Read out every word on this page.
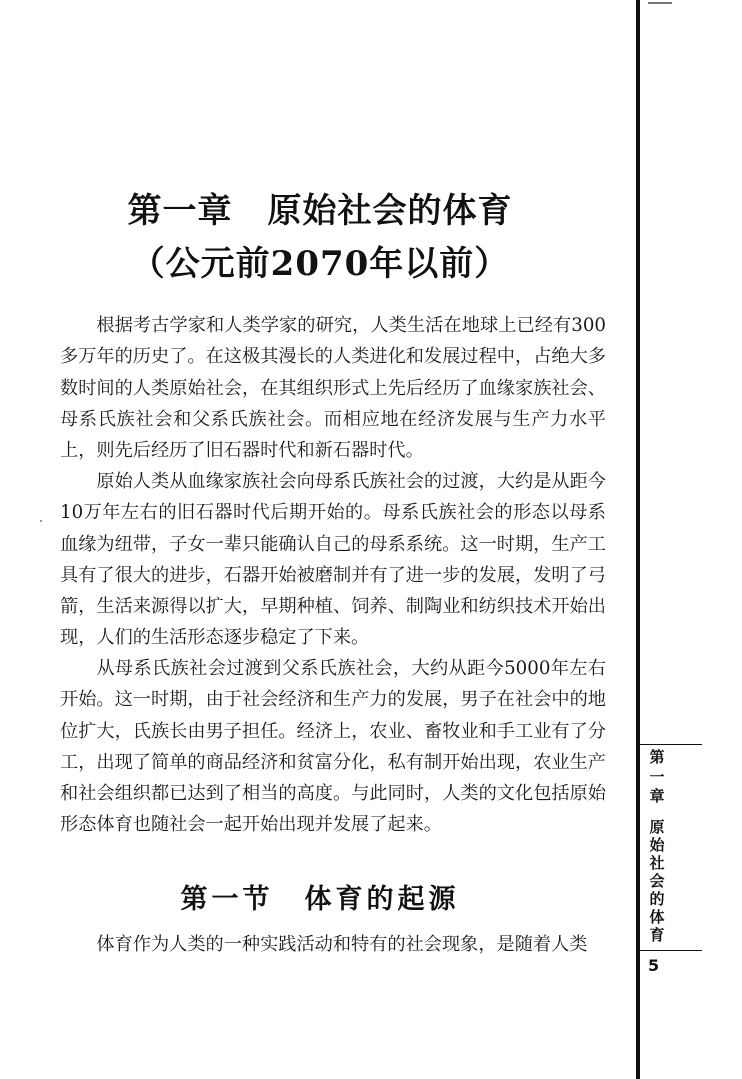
第一章　原始社会的体育
（公元前2070年以前）

根据考古学家和人类学家的研究，人类生活在地球上已经有300多万年的历史了。在这极其漫长的人类进化和发展过程中，占绝大多数时间的人类原始社会，在其组织形式上先后经历了血缘家族社会、母系氏族社会和父系氏族社会。而相应地在经济发展与生产力水平上，则先后经历了旧石器时代和新石器时代。

原始人类从血缘家族社会向母系氏族社会的过渡，大约是从距今10万年左右的旧石器时代后期开始的。母系氏族社会的形态以母系血缘为纽带，子女一辈只能确认自己的母系系统。这一时期，生产工具有了很大的进步，石器开始被磨制并有了进一步的发展，发明了弓箭，生活来源得以扩大，早期种植、饲养、制陶业和纺织技术开始出现，人们的生活形态逐步稳定了下来。

从母系氏族社会过渡到父系氏族社会，大约从距今5000年左右开始。这一时期，由于社会经济和生产力的发展，男子在社会中的地位扩大，氏族长由男子担任。经济上，农业、畜牧业和手工业有了分工，出现了简单的商品经济和贫富分化，私有制开始出现，农业生产和社会组织都已达到了相当的高度。与此同时，人类的文化包括原始形态体育也随社会一起开始出现并发展了起来。

第一节　体育的起源

体育作为人类的一种实践活动和特有的社会现象，是随着人类

第一章
原始社会的体育
5
